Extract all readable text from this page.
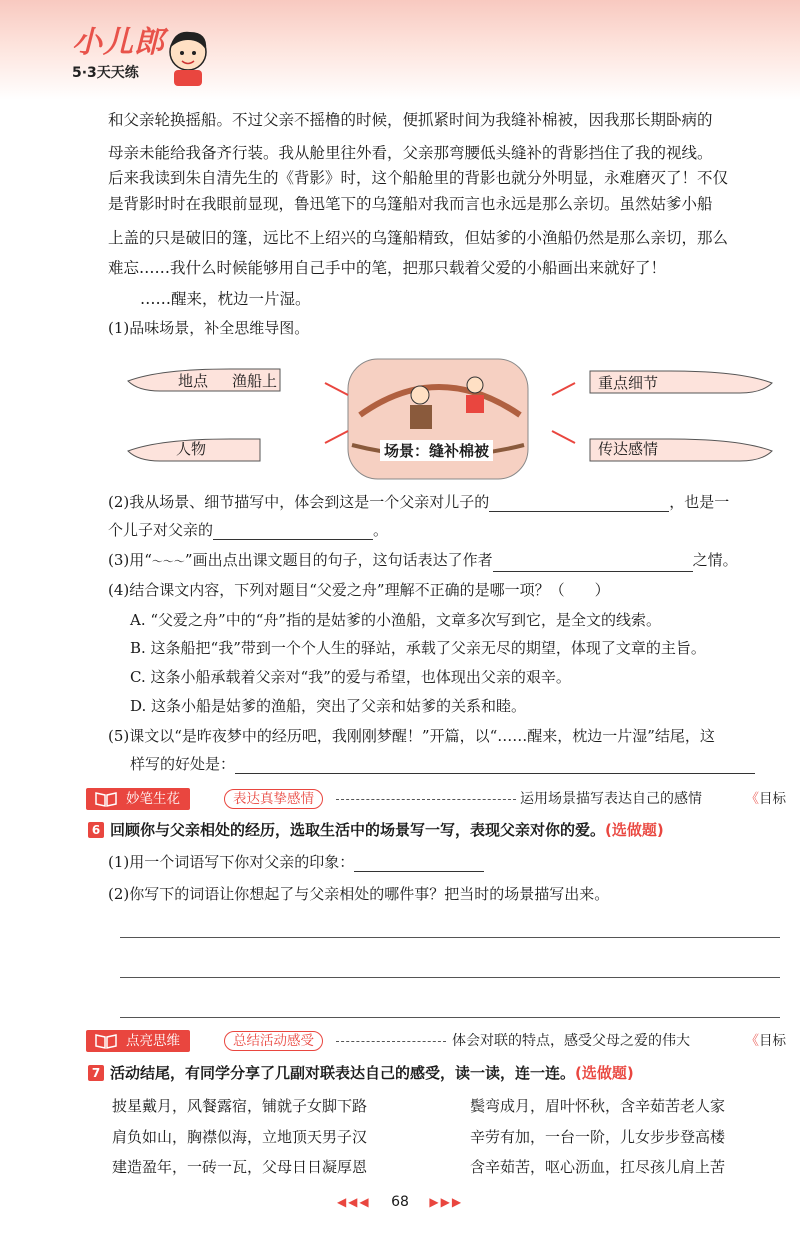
小儿郎
5·3天天练
和父亲轮换摇船。不过父亲不摇橹的时候，便抓紧时间为我缝补棉被，因我那长期卧病的
母亲未能给我备齐行装。我从舱里往外看，父亲那弯腰低头缝补的背影挡住了我的视线。
后来我读到朱自清先生的《背影》时，这个船舱里的背影也就分外明显，永难磨灭了！不仅
是背影时时在我眼前显现，鲁迅笔下的乌篷船对我而言也永远是那么亲切。虽然姑爹小船
上盖的只是破旧的篷，远比不上绍兴的乌篷船精致，但姑爹的小渔船仍然是那么亲切，那么
难忘……我什么时候能够用自己手中的笔，把那只载着父爱的小船画出来就好了！
……醒来，枕边一片湿。
(1)品味场景，补全思维导图。
地点 渔船上
人物
重点细节
传达感情
场景：缝补棉被
(2)我从场景、细节描写中，体会到这是一个父亲对儿子的	，也是一
个儿子对父亲的	。
(3)用“～～～”画出点出课文题目的句子，这句话表达了作者	之情。
(4)结合课文内容，下列对题目“父爱之舟”理解不正确的是哪一项？（　　）
A. “父爱之舟”中的“舟”指的是姑爹的小渔船，文章多次写到它，是全文的线索。
B. 这条船把“我”带到一个个人生的驿站，承载了父亲无尽的期望，体现了文章的主旨。
C. 这条小船承载着父亲对“我”的爱与希望，也体现出父亲的艰辛。
D. 这条小船是姑爹的渔船，突出了父亲和姑爹的关系和睦。
(5)课文以“是昨夜梦中的经历吧，我刚刚梦醒！”开篇，以“……醒来，枕边一片湿”结尾，这
样写的好处是：
妙笔生花	表达真挚感情	运用场景描写表达自己的感情	《目标
6 回顾你与父亲相处的经历，选取生活中的场景写一写，表现父亲对你的爱。(选做题)
(1)用一个词语写下你对父亲的印象：
(2)你写下的词语让你想起了与父亲相处的哪件事？把当时的场景描写出来。
点亮思维	总结活动感受	体会对联的特点，感受父母之爱的伟大	《目标
7 活动结尾，有同学分享了几副对联表达自己的感受，读一读，连一连。(选做题)
披星戴月，风餐露宿，铺就子女脚下路
肩负如山，胸襟似海，立地顶天男子汉
建造盈年，一砖一瓦，父母日日凝厚恩
鬓弯成月，眉叶怀秋，含辛茹苦老人家
辛劳有加，一台一阶，儿女步步登高楼
含辛茹苦，呕心沥血，扛尽孩儿肩上苦
◀◀◀ 68 ▶▶▶
